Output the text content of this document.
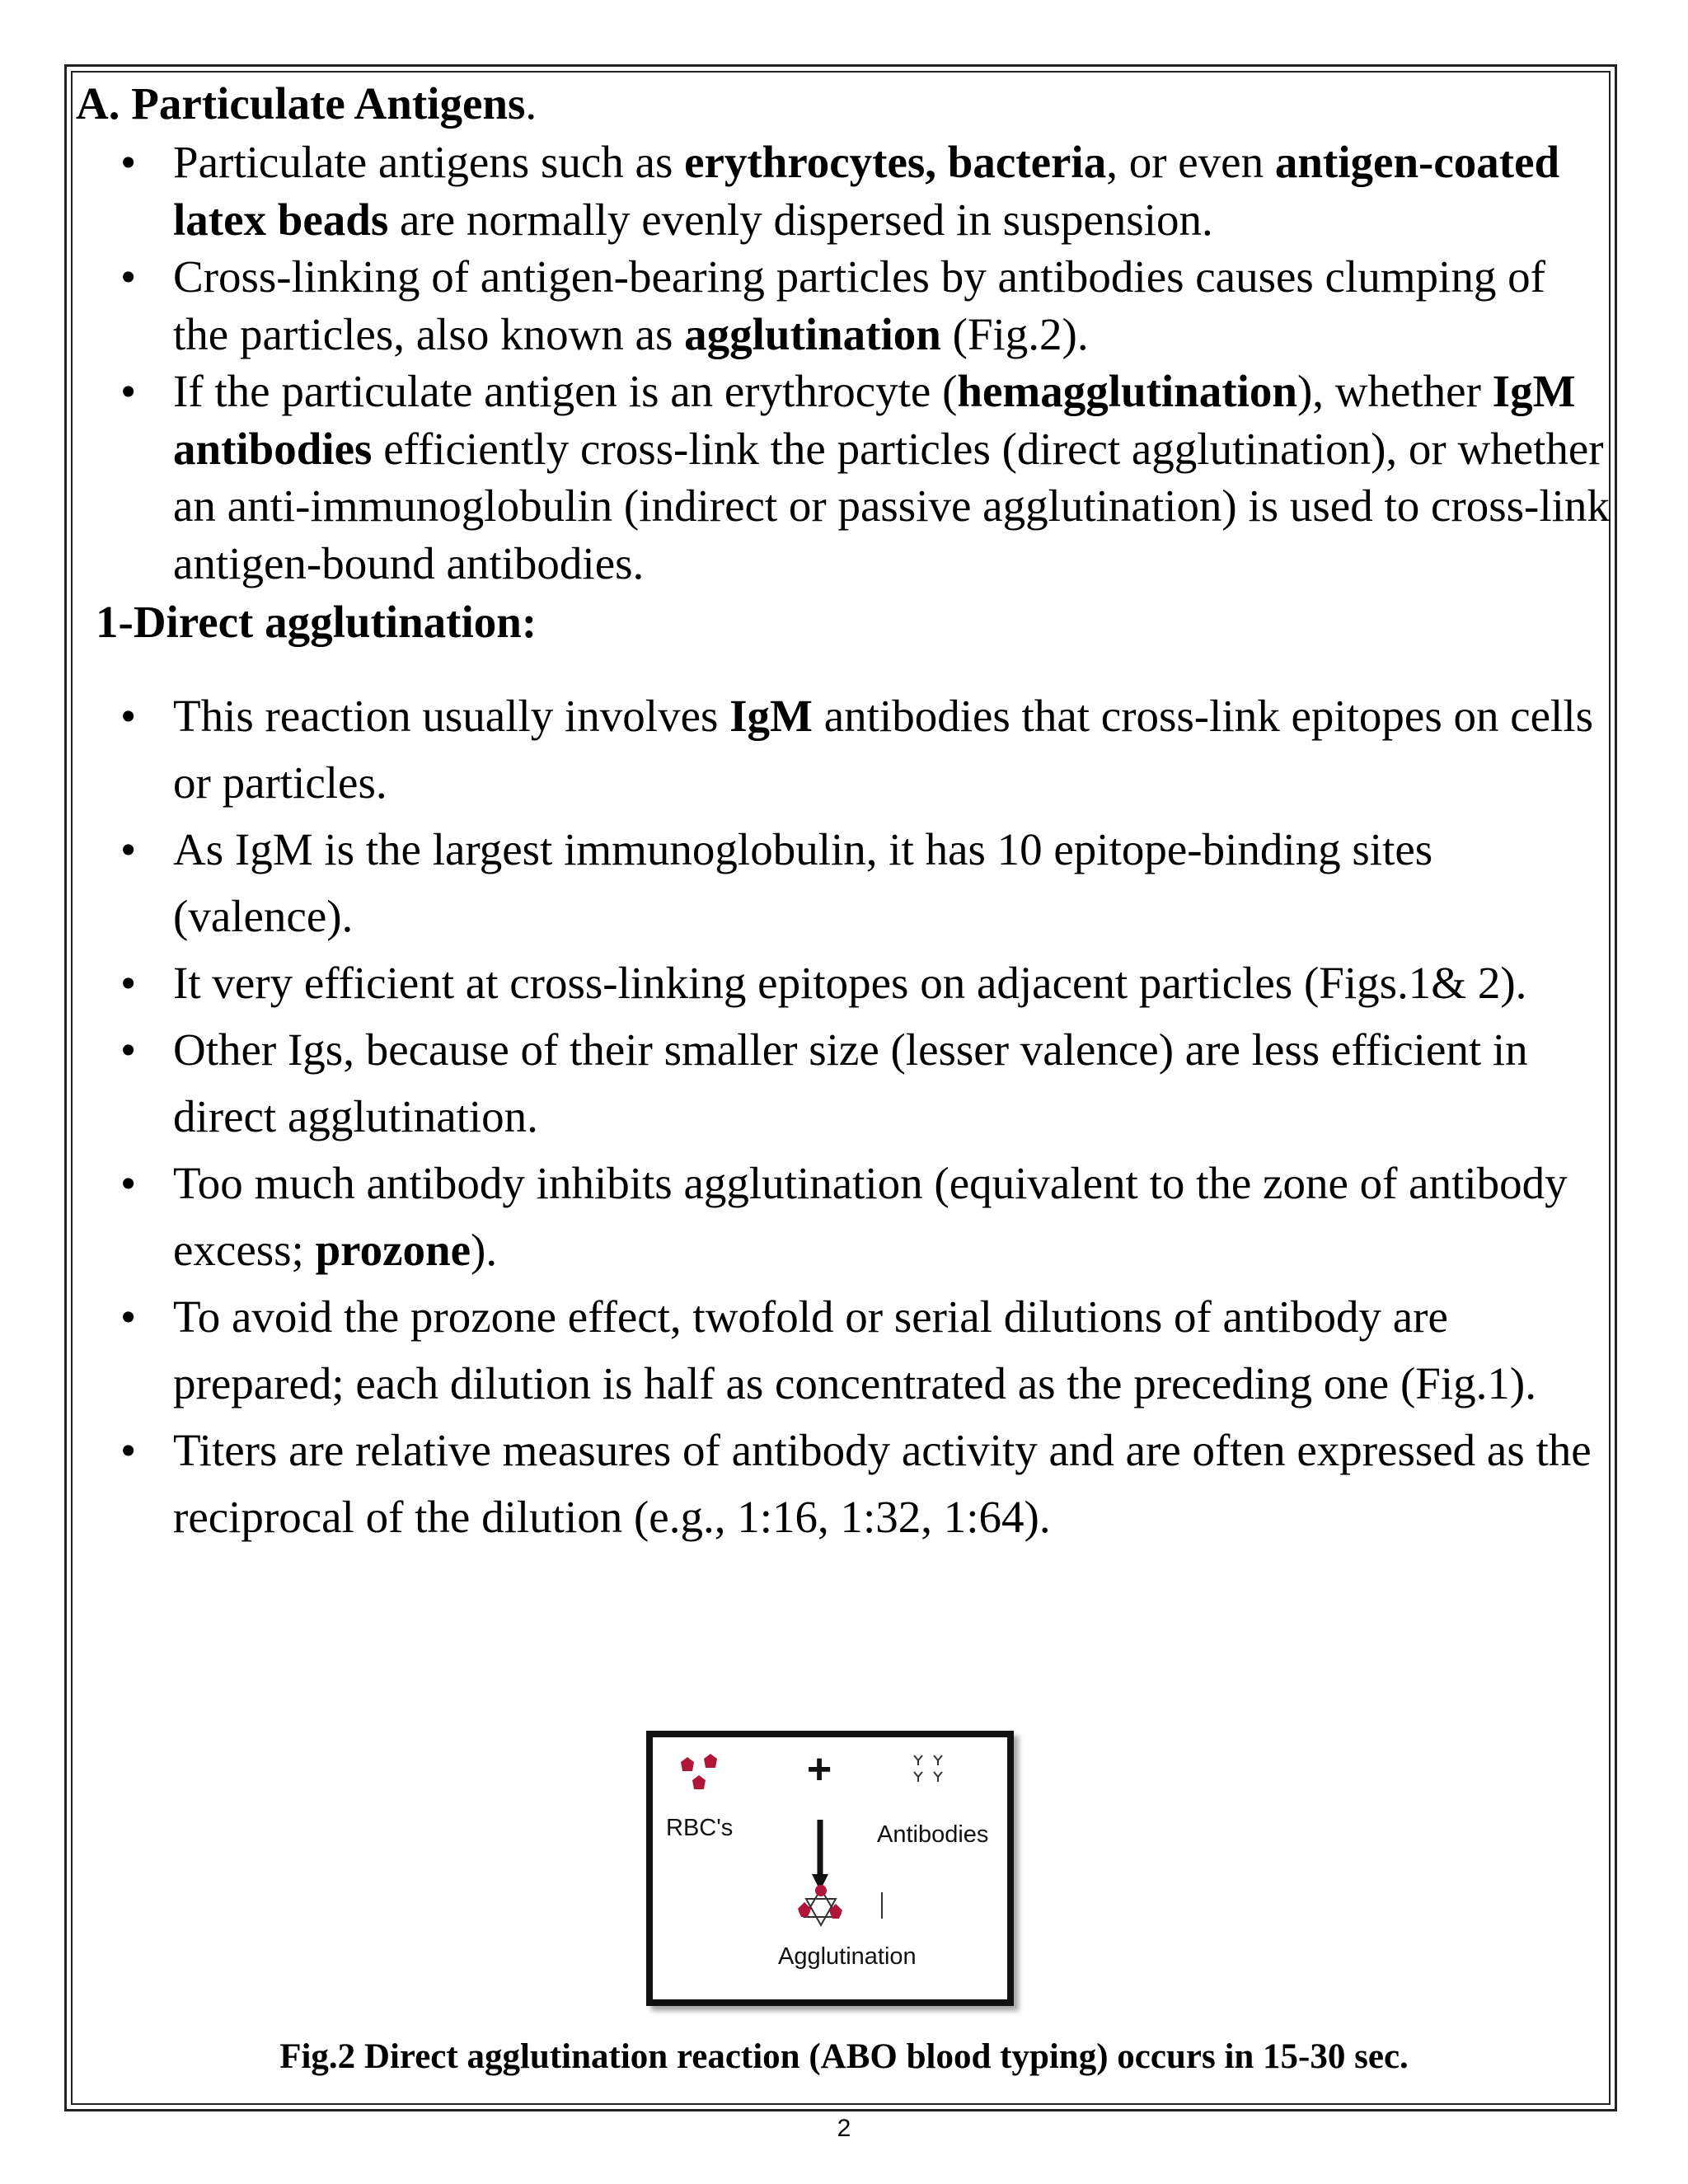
A. Particulate Antigens.
• Particulate antigens such as erythrocytes, bacteria, or even antigen-coated latex beads are normally evenly dispersed in suspension.
• Cross-linking of antigen-bearing particles by antibodies causes clumping of the particles, also known as agglutination (Fig.2).
• If the particulate antigen is an erythrocyte (hemagglutination), whether IgM antibodies efficiently cross-link the particles (direct agglutination), or whether an anti-immunoglobulin (indirect or passive agglutination) is used to cross-link antigen-bound antibodies.
1-Direct agglutination:
• This reaction usually involves IgM antibodies that cross-link epitopes on cells or particles.
• As IgM is the largest immunoglobulin, it has 10 epitope-binding sites (valence).
• It very efficient at cross-linking epitopes on adjacent particles (Figs.1& 2).
• Other Igs, because of their smaller size (lesser valence) are less efficient in direct agglutination.
• Too much antibody inhibits agglutination (equivalent to the zone of antibody excess; prozone).
• To avoid the prozone effect, twofold or serial dilutions of antibody are prepared; each dilution is half as concentrated as the preceding one (Fig.1).
• Titers are relative measures of antibody activity and are often expressed as the reciprocal of the dilution (e.g., 1:16, 1:32, 1:64).
+
RBC's	Antibodies
Agglutination
Fig.2 Direct agglutination reaction (ABO blood typing) occurs in 15-30 sec.
2
